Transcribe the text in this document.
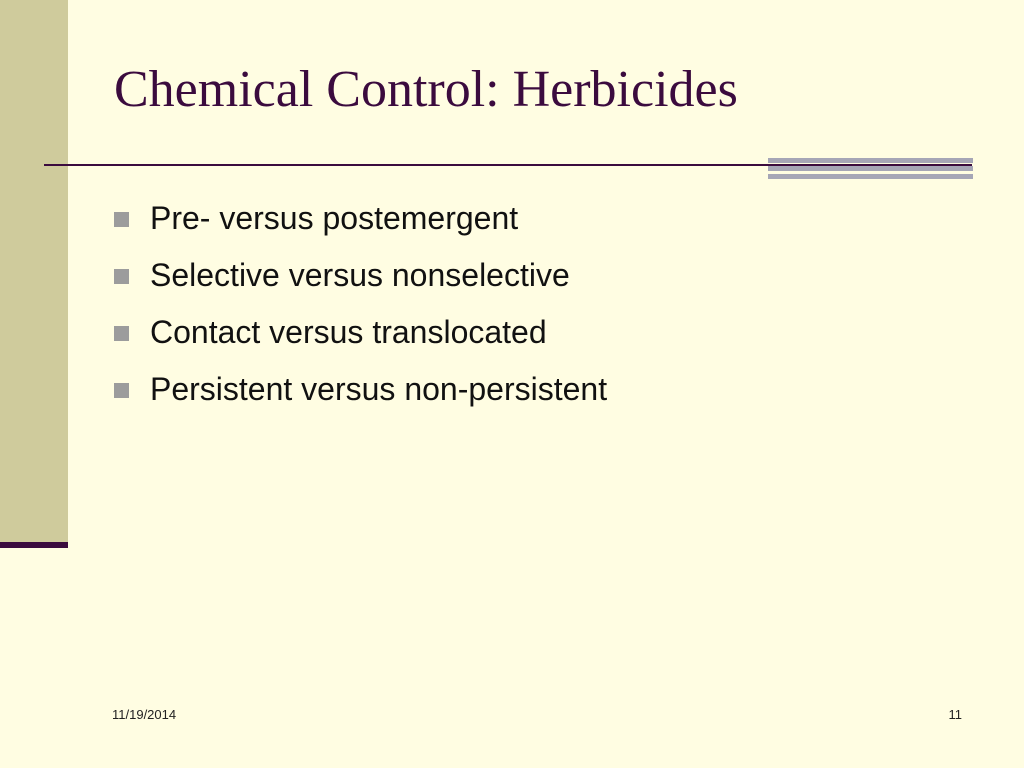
Chemical Control: Herbicides
Pre- versus postemergent
Selective versus nonselective
Contact versus translocated
Persistent versus non-persistent
11/19/2014	11
